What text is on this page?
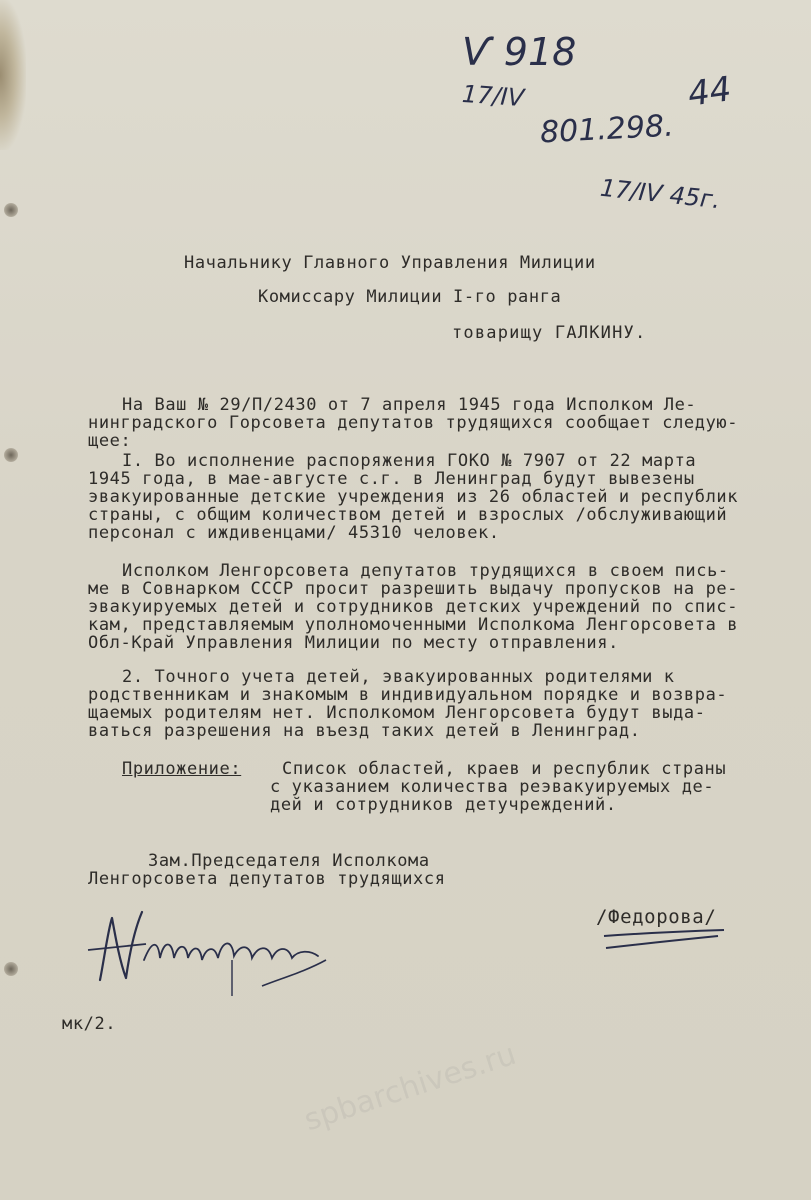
Ѵ 918
17/IV
801.298.
44
17/IV 45г.
Начальнику Главного Управления Милиции
Комиссару Милиции I-го ранга
товарищу ГАЛКИНУ.
На Ваш № 29/П/2430 от 7 апреля 1945 года Исполком Ле-
нинградского Горсовета депутатов трудящихся сообщает следую-
щее:
I. Во исполнение распоряжения ГОКО № 7907 от 22 марта
1945 года, в мае-августе с.г. в Ленинград будут вывезены
эвакуированные детские учреждения из 26 областей и республик
страны, с общим количеством детей и взрослых /обслуживающий
персонал с иждивенцами/ 45310 человек.
Исполком Ленгорсовета депутатов трудящихся в своем пись-
ме в Совнарком СССР просит разрешить выдачу пропусков на ре-
эвакуируемых детей и сотрудников детских учреждений по спис-
кам, представляемым уполномоченными Исполкома Ленгорсовета в
Обл-Край Управления Милиции по месту отправления.
2. Точного учета детей, эвакуированных родителями к
родственникам и знакомым в индивидуальном порядке и возвра-
щаемых родителям нет. Исполкомом Ленгорсовета будут выда-
ваться разрешения на въезд таких детей в Ленинград.
Приложение: Список областей, краев и республик страны
с указанием количества реэвакуируемых де-
дей и сотрудников детучреждений.
Зам.Председателя Исполкома
Ленгорсовета депутатов трудящихся
/Федорова/
мк/2.
spbarchives.ru
